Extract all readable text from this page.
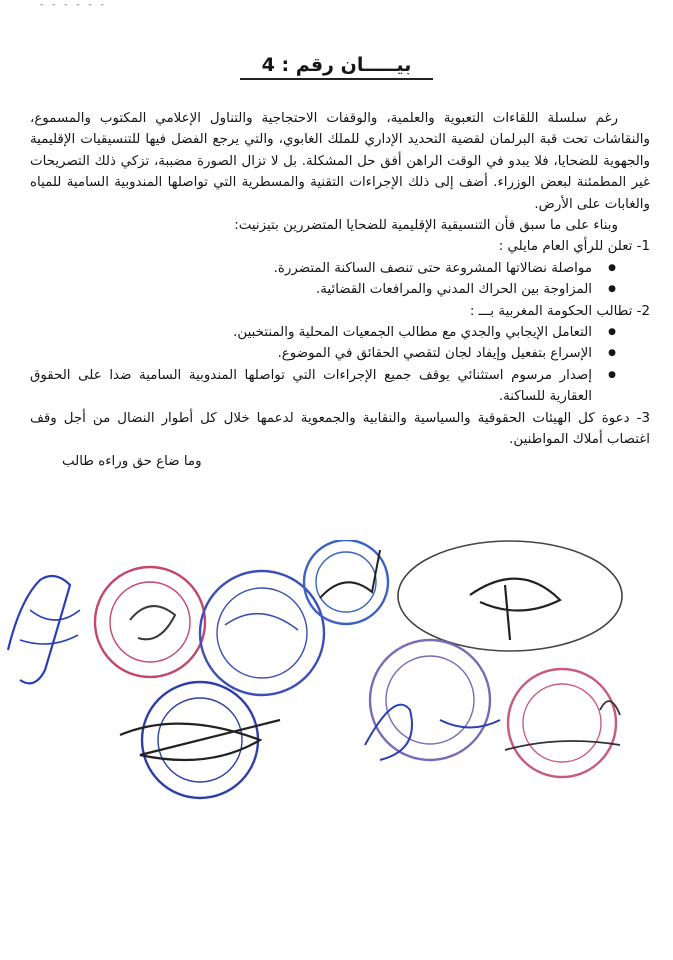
- - - - - -
بيـــــان رقم : 4

رغم سلسلة اللقاءات التعبوية والعلمية، والوقفات الاحتجاجية والتناول الإعلامي المكتوب والمسموع، والنقاشات تحت قبة البرلمان لقضية التحديد الإداري للملك الغابوي، والتي يرجع الفضل فيها للتنسيقيات الإقليمية والجهوية للضحايا، فلا يبدو في الوقت الراهن أفق حل المشكلة. بل لا تزال الصورة مضببة، تزكي ذلك التصريحات غير المطمئنة لبعض الوزراء. أضف إلى ذلك الإجراءات التقنية والمسطرية التي تواصلها المندوبية السامية للمياه والغابات على الأرض.

وبناء على ما سبق فأن التنسيقية الإقليمية للضحايا المتضررين بتيزنيت:

1- تعلن للرأي العام مايلي :

● مواصلة نضالاتها المشروعة حتى تنصف الساكنة المتضررة.
● المزاوجة بين الحراك المدني والمرافعات القضائية.

2- تطالب الحكومة المغربية بـــ :

● التعامل الإيجابي والجدي مع مطالب الجمعيات المحلية والمنتخبين.
● الإسراع بتفعيل وإيفاد لجان لتقصي الحقائق في الموضوع.
● إصدار مرسوم استثنائي يوقف جميع الإجراءات التي تواصلها المندوبية السامية ضدا على الحقوق العقارية للساكنة.

3- دعوة كل الهيئات الحقوقية والسياسية والنقابية والجمعوية لدعمها خلال كل أطوار النضال من أجل وقف اغتصاب أملاك المواطنين.

وما ضاع حق وراءه طالب
